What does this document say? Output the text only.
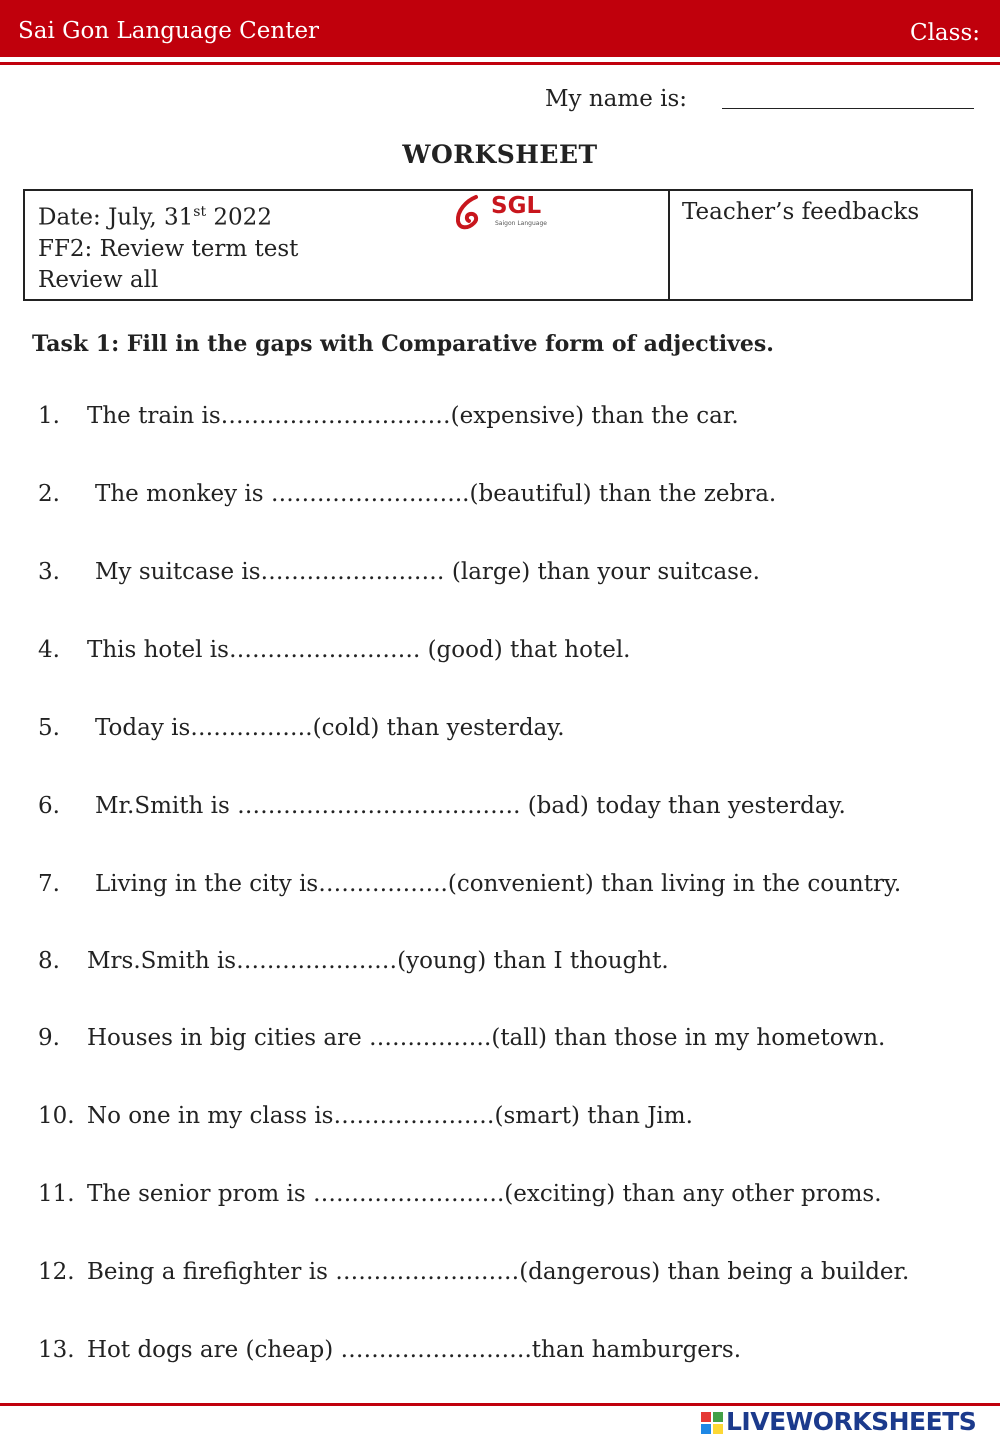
Sai Gon Language Center	Class:
My name is:
WORKSHEET
Date: July, 31st 2022
FF2: Review term test
Review all
Teacher’s feedbacks
SGL
Saigon Language
Task 1: Fill in the gaps with Comparative form of adjectives.
1. The train is…………………………(expensive) than the car.
2. The monkey is ……………………..(beautiful) than the zebra.
3. My suitcase is…………………… (large) than your suitcase.
4. This hotel is……………………. (good) that hotel.
5. Today is…………….(cold) than yesterday.
6. Mr.Smith is ………………………………. (bad) today than yesterday.
7. Living in the city is……………..(convenient) than living in the country.
8. Mrs.Smith is…………………(young) than I thought.
9. Houses in big cities are …………….(tall) than those in my hometown.
10. No one in my class is…………………(smart) than Jim.
11. The senior prom is …………………….(exciting) than any other proms.
12. Being a firefighter is ……………………(dangerous) than being a builder.
13. Hot dogs are (cheap) …………………….than hamburgers.
LIVEWORKSHEETS
